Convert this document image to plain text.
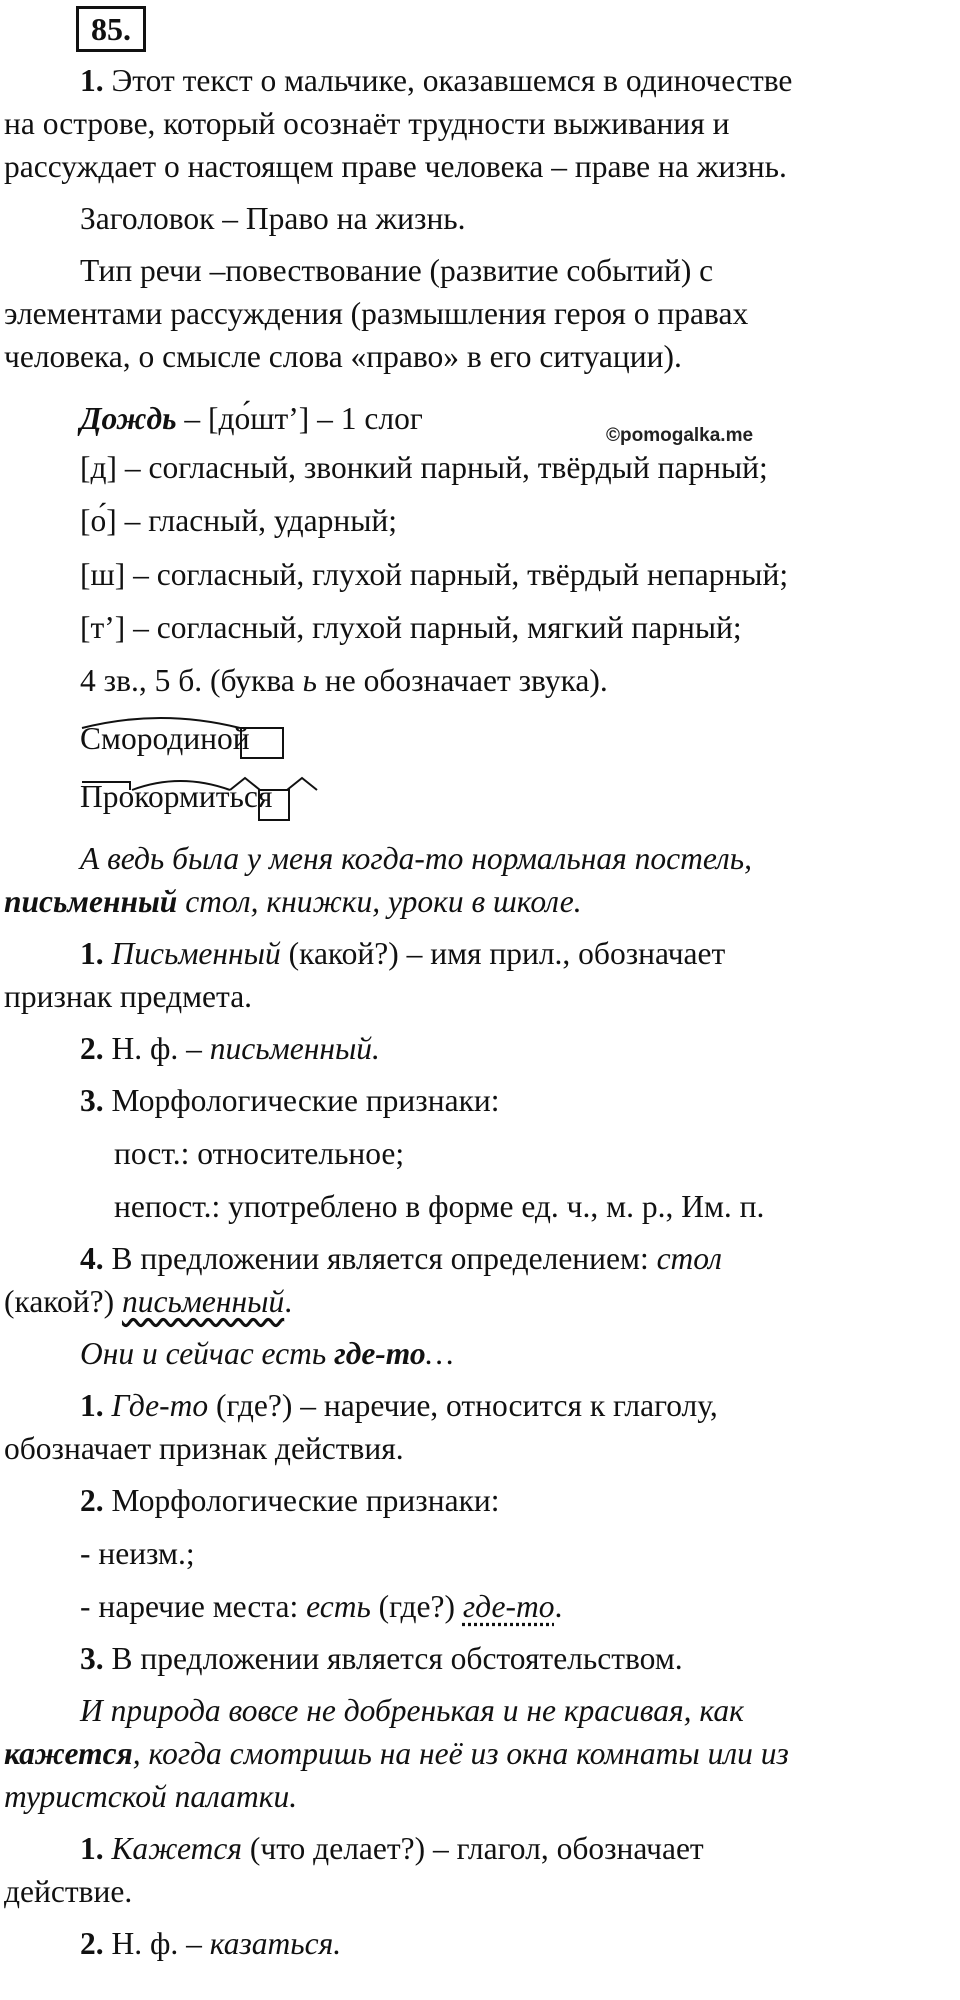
85.
1. Этот текст о мальчике, оказавшемся в одиночестве
на острове, который осознаёт трудности выживания и
рассуждает о настоящем праве человека – праве на жизнь.
Заголовок – Право на жизнь.
Тип речи –повествование (развитие событий) с
элементами рассуждения (размышления героя о правах
человека, о смысле слова «право» в его ситуации).
Дождь – [до́шт’] – 1 слог	©pomogalka.me
[д] – согласный, звонкий парный, твёрдый парный;
[о́] – гласный, ударный;
[ш] – согласный, глухой парный, твёрдый непарный;
[т’] – согласный, глухой парный, мягкий парный;
4 зв., 5 б. (буква ь не обозначает звука).
Смородиной
Прокормиться
А ведь была у меня когда-то нормальная постель,
письменный стол, книжки, уроки в школе.
1. Письменный (какой?) – имя прил., обозначает
признак предмета.
2. Н. ф. – письменный.
3. Морфологические признаки:
пост.: относительное;
непост.: употреблено в форме ед. ч., м. р., Им. п.
4. В предложении является определением: стол
(какой?) письменный.
Они и сейчас есть где-то…
1. Где-то (где?) – наречие, относится к глаголу,
обозначает признак действия.
2. Морфологические признаки:
- неизм.;
- наречие места: есть (где?) где-то.
3. В предложении является обстоятельством.
И природа вовсе не добренькая и не красивая, как
кажется, когда смотришь на неё из окна комнаты или из
туристской палатки.
1. Кажется (что делает?) – глагол, обозначает
действие.
2. Н. ф. – казаться.
